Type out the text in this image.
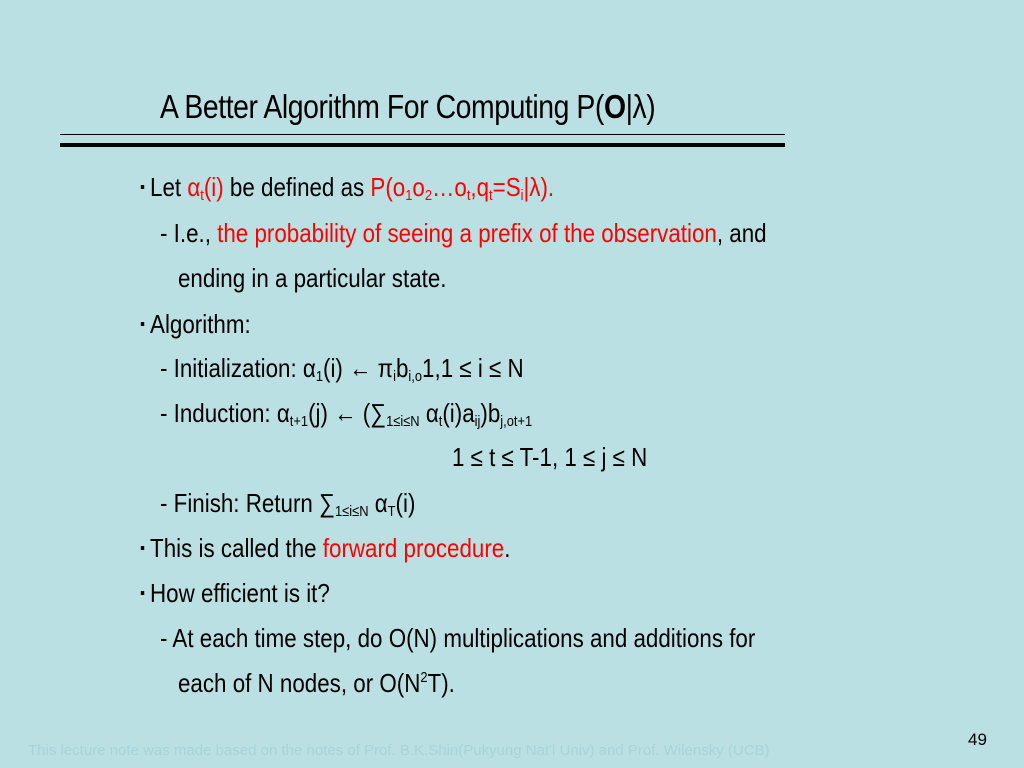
A Better Algorithm For Computing P(O|λ)
▪ Let $\alpha_t(i)$ be defined as $P(o_1o_2\dots o_t,q_t=S_i|\lambda)$.
- I.e., the probability of seeing a prefix of the observation, and
ending in a particular state.
▪ Algorithm:
- Initialization: $\alpha_1(i)$ ← $\pi_ib_{i,o}1,1 \le i \le N$
- Induction: $\alpha_{t+1}(j)$ ← ($\sum_{1\le i\le N}$ $\alpha_t(i)a_{ij})b_{j,ot+1}$
1 ≤ t ≤ T-1, 1 ≤ j ≤ N
- Finish: Return $\sum_{1\le i\le N}$ $\alpha_T(i)$
▪ This is called the forward procedure.
▪ How efficient is it?
- At each time step, do O(N) multiplications and additions for
each of N nodes, or $O(N^2T)$.
This lecture note was made based on the notes of Prof. B.K.Shin(Pukyung Nat'l Univ) and Prof. Wilensky (UCB)
49
